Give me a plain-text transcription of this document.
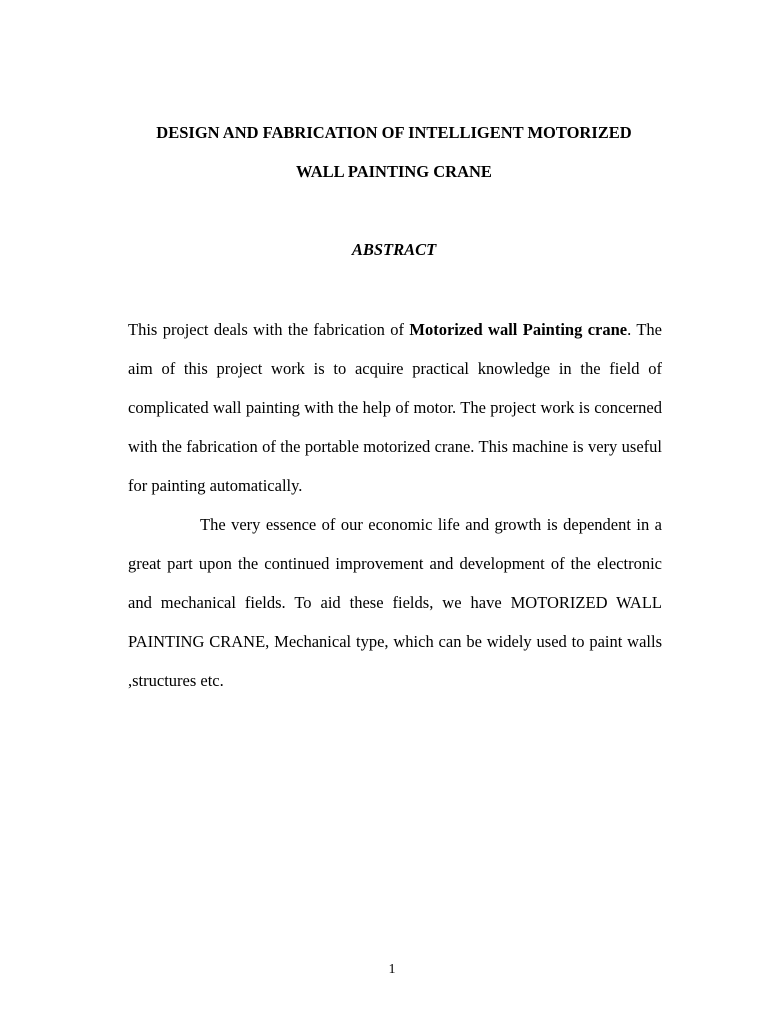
DESIGN AND FABRICATION OF INTELLIGENT MOTORIZED
WALL PAINTING CRANE
ABSTRACT

This project deals with the fabrication of Motorized wall Painting crane. The aim of this project work is to acquire practical knowledge in the field of complicated wall painting with the help of motor. The project work is concerned with the fabrication of the portable motorized crane. This machine is very useful for painting automatically.

The very essence of our economic life and growth is dependent in a great part upon the continued improvement and development of the electronic and mechanical fields. To aid these fields, we have MOTORIZED WALL PAINTING CRANE, Mechanical type, which can be widely used to paint walls ,structures etc.

1
